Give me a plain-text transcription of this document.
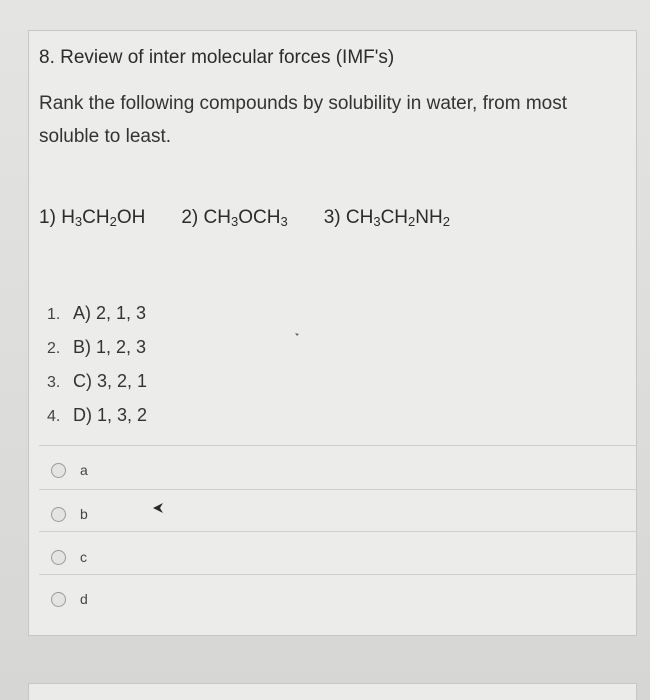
8. Review of inter molecular forces (IMF's)
Rank the following compounds by solubility in water, from most soluble to least.
1) $H_3CH_2OH$ 2) $CH_3OCH_3$ 3) $CH_3CH_2NH_2$
1. A) 2, 1, 3
2. B) 1, 2, 3
3. C) 3, 2, 1
4. D) 1, 3, 2
a
b
c
d
